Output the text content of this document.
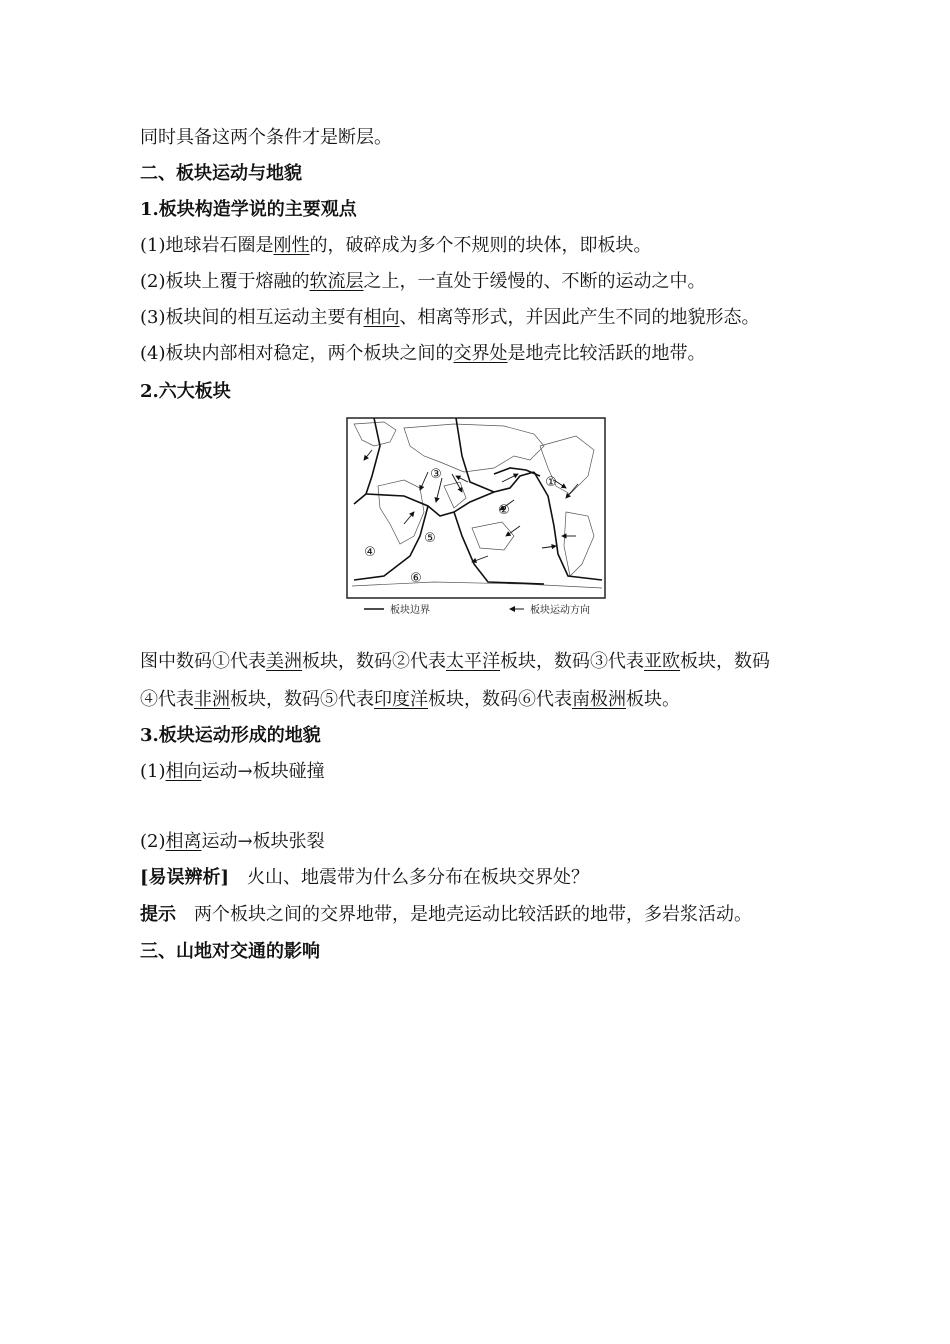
同时具备这两个条件才是断层。
二、板块运动与地貌
1.板块构造学说的主要观点
(1)地球岩石圈是刚性的，破碎成为多个不规则的块体，即板块。
(2)板块上覆于熔融的软流层之上，一直处于缓慢的、不断的运动之中。
(3)板块间的相互运动主要有相向、相离等形式，并因此产生不同的地貌形态。
(4)板块内部相对稳定，两个板块之间的交界处是地壳比较活跃的地带。
2.六大板块
③
②
①
④
⑤
⑥
板块边界	板块运动方向
图中数码①代表美洲板块，数码②代表太平洋板块，数码③代表亚欧板块，数码
④代表非洲板块，数码⑤代表印度洋板块，数码⑥代表南极洲板块。
3.板块运动形成的地貌
(1)相向运动→板块碰撞
(2)相离运动→板块张裂
[易误辨析] 火山、地震带为什么多分布在板块交界处？
提示 两个板块之间的交界地带，是地壳运动比较活跃的地带，多岩浆活动。
三、山地对交通的影响
